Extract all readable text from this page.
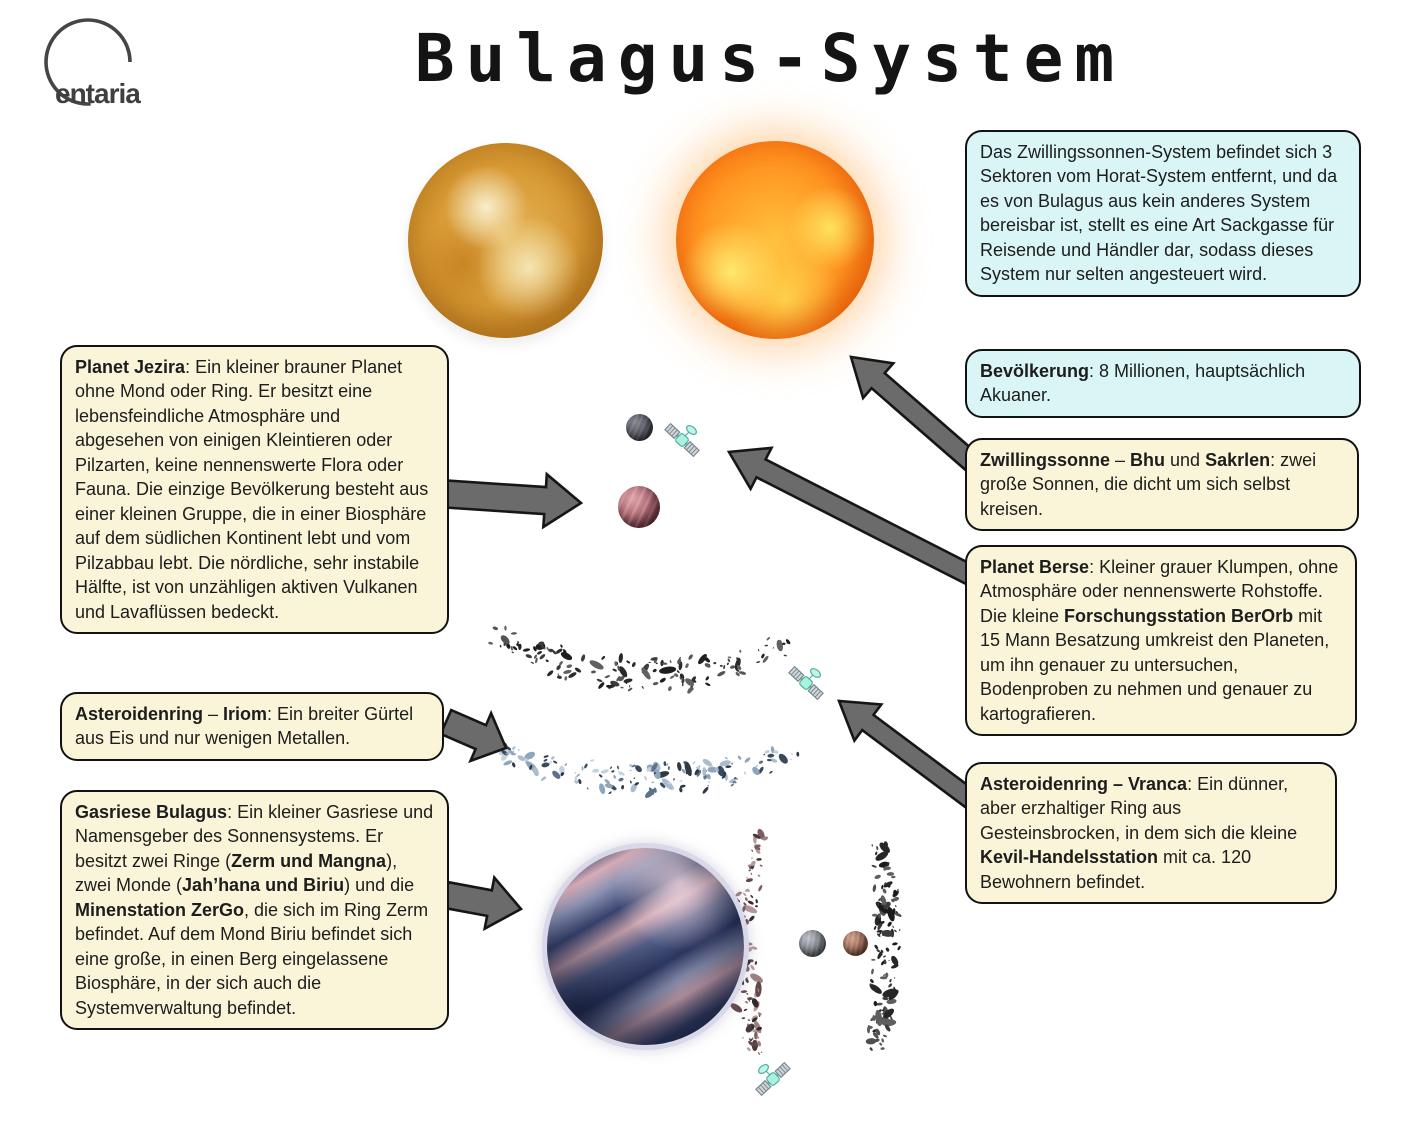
entaria	Bulagus-System
Das Zwillingssonnen-System befindet sich 3 Sektoren vom Horat-System entfernt, und da es von Bulagus aus kein anderes System bereisbar ist, stellt es eine Art Sackgasse für Reisende und Händler dar, sodass dieses System nur selten angesteuert wird.
Bevölkerung: 8 Millionen, hauptsächlich Akuaner.
Zwillingssonne – Bhu und Sakrlen: zwei große Sonnen, die dicht um sich selbst kreisen.
Planet Berse: Kleiner grauer Klumpen, ohne Atmosphäre oder nennenswerte Rohstoffe. Die kleine Forschungsstation BerOrb mit 15 Mann Besatzung umkreist den Planeten, um ihn genauer zu untersuchen, Bodenproben zu nehmen und genauer zu kartografieren.
Asteroidenring – Vranca: Ein dünner, aber erzhaltiger Ring aus Gesteinsbrocken, in dem sich die kleine Kevil-Handelsstation mit ca. 120 Bewohnern befindet.
Planet Jezira: Ein kleiner brauner Planet ohne Mond oder Ring. Er besitzt eine lebensfeindliche Atmosphäre und abgesehen von einigen Kleintieren oder Pilzarten, keine nennenswerte Flora oder Fauna. Die einzige Bevölkerung besteht aus einer kleinen Gruppe, die in einer Biosphäre auf dem südlichen Kontinent lebt und vom Pilzabbau lebt. Die nördliche, sehr instabile Hälfte, ist von unzähligen aktiven Vulkanen und Lavaflüssen bedeckt.
Asteroidenring – Iriom: Ein breiter Gürtel aus Eis und nur wenigen Metallen.
Gasriese Bulagus: Ein kleiner Gasriese und Namensgeber des Sonnensystems. Er besitzt zwei Ringe (Zerm und Mangna), zwei Monde (Jah’hana und Biriu) und die Minenstation ZerGo, die sich im Ring Zerm befindet. Auf dem Mond Biriu befindet sich eine große, in einen Berg eingelassene Biosphäre, in der sich auch die Systemverwaltung befindet.
